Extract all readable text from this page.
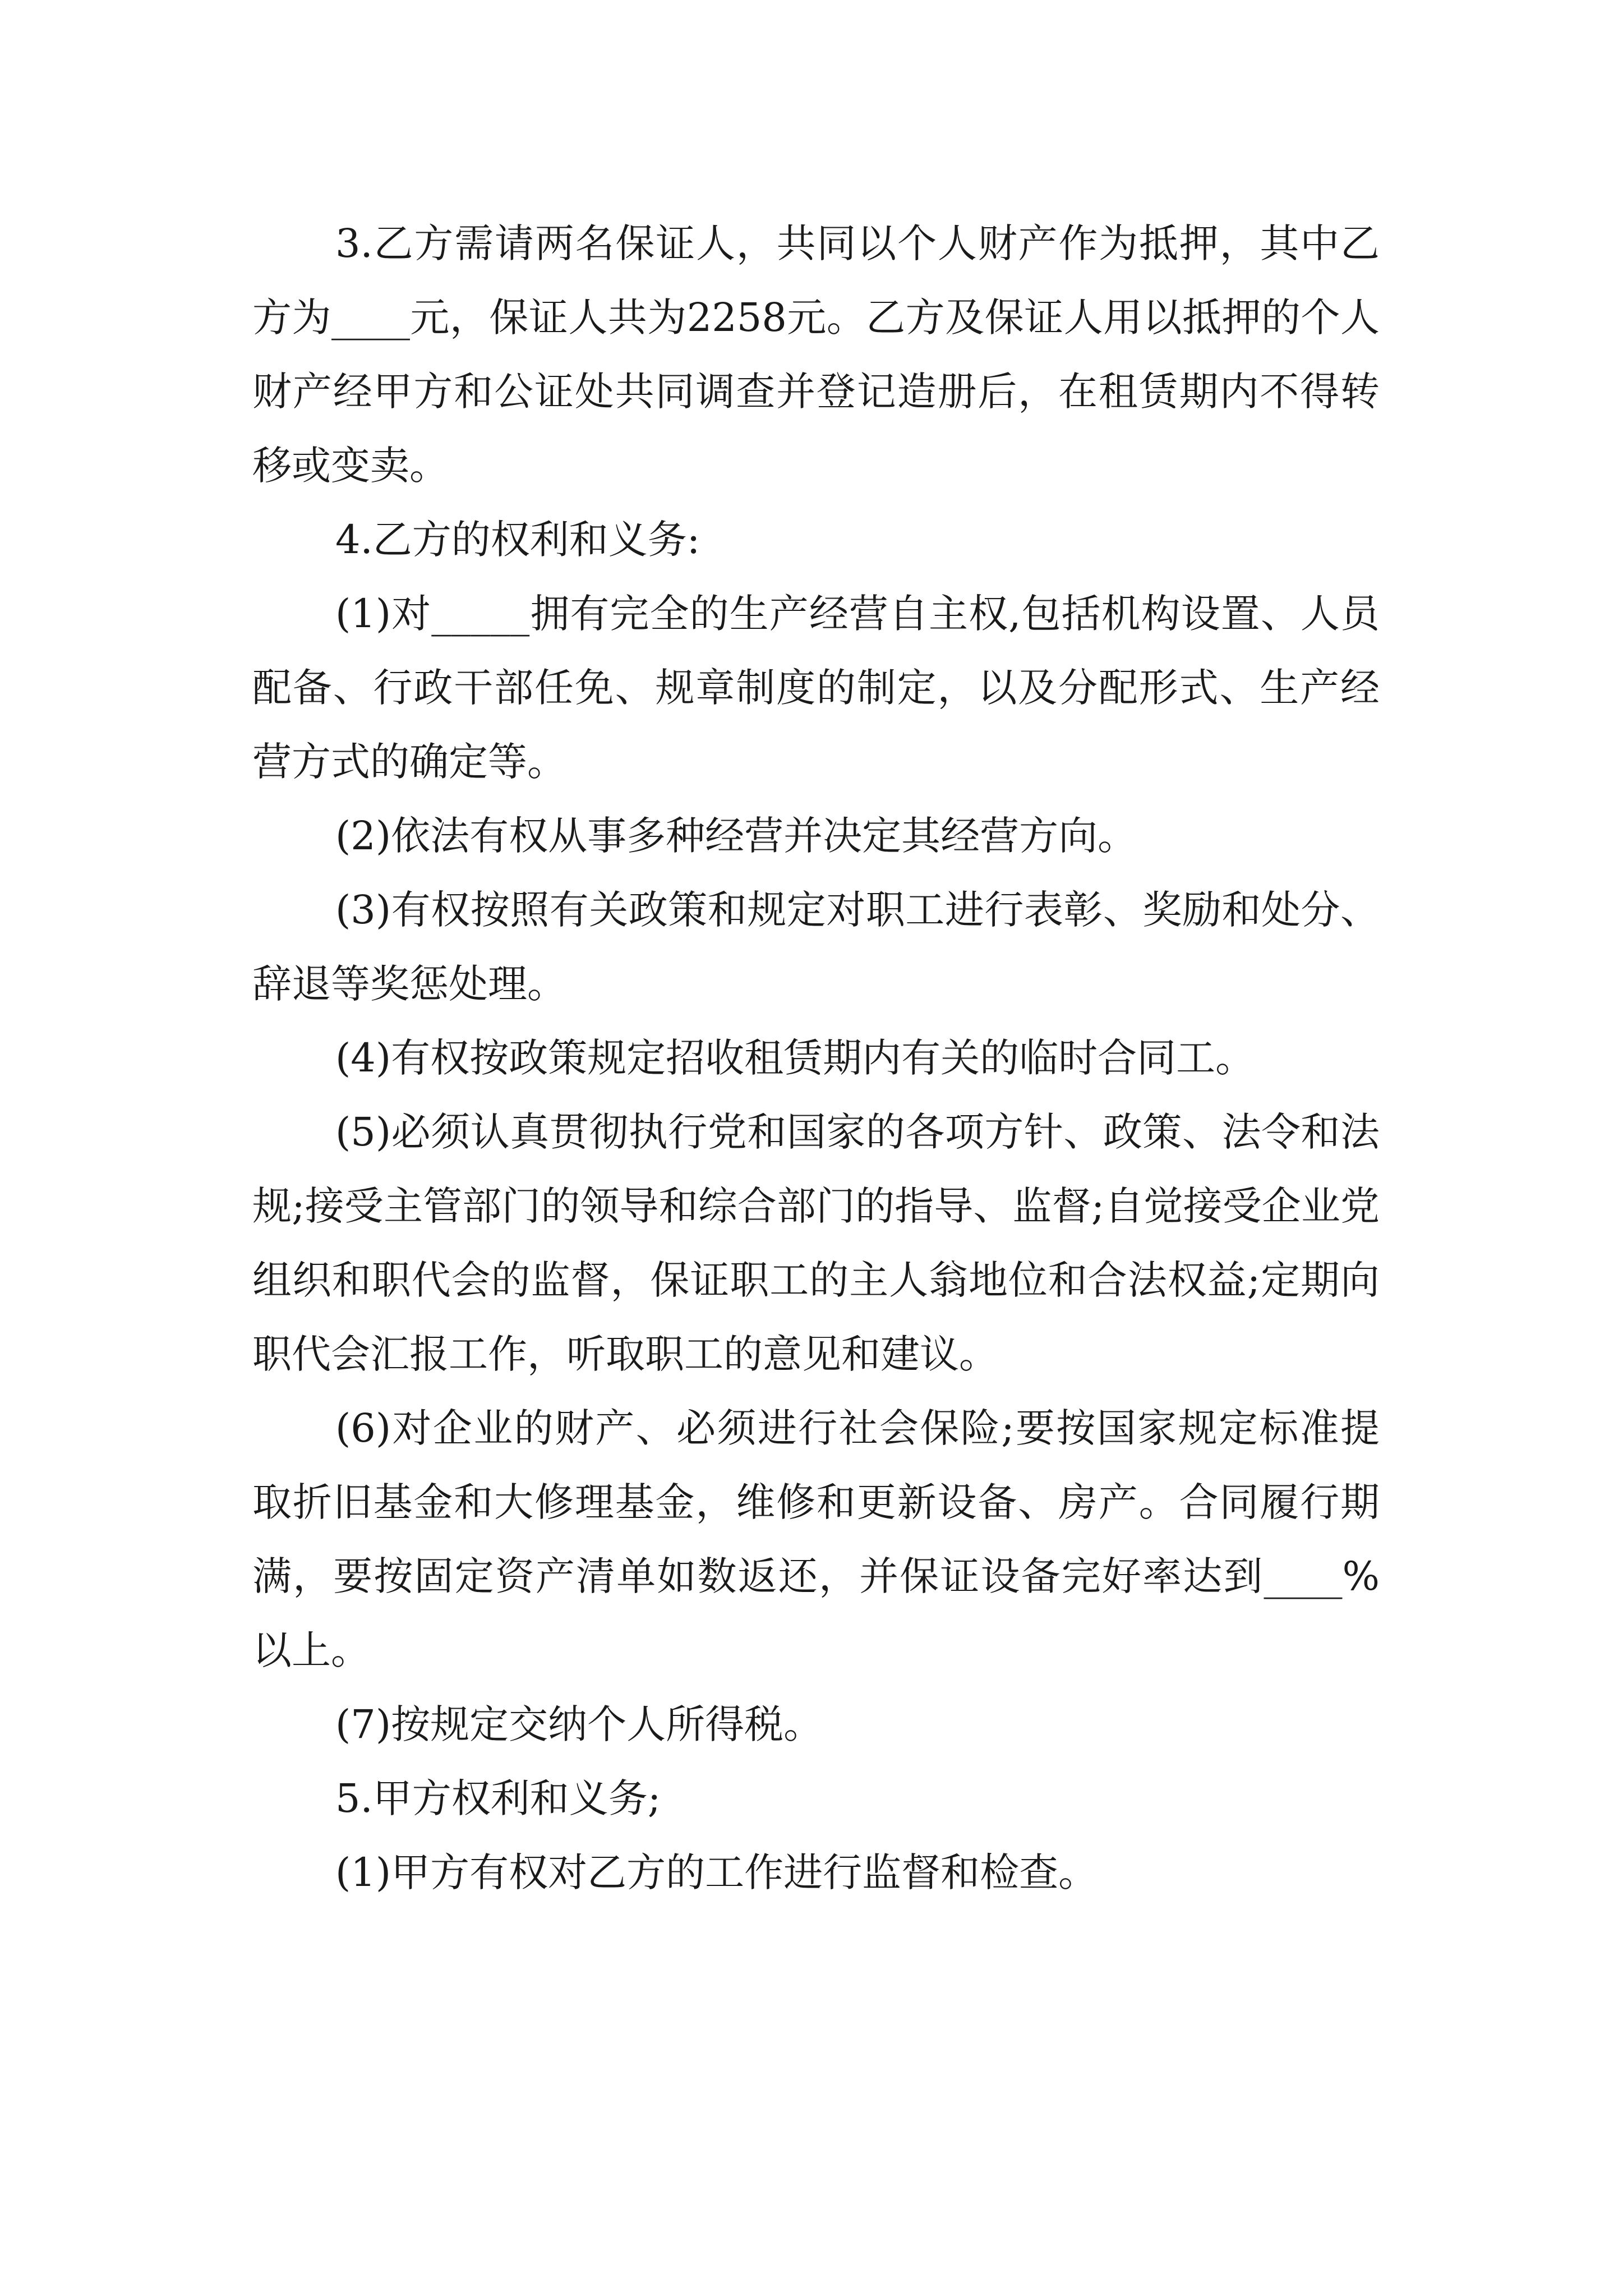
3.乙方需请两名保证人，共同以个人财产作为抵押，其中乙方为____元，保证人共为2258元。乙方及保证人用以抵押的个人财产经甲方和公证处共同调查并登记造册后，在租赁期内不得转移或变卖。

4.乙方的权利和义务:

(1)对_____拥有完全的生产经营自主权,包括机构设置、人员配备、行政干部任免、规章制度的制定，以及分配形式、生产经营方式的确定等。

(2)依法有权从事多种经营并决定其经营方向。

(3)有权按照有关政策和规定对职工进行表彰、奖励和处分、辞退等奖惩处理。

(4)有权按政策规定招收租赁期内有关的临时合同工。

(5)必须认真贯彻执行党和国家的各项方针、政策、法令和法规;接受主管部门的领导和综合部门的指导、监督;自觉接受企业党组织和职代会的监督，保证职工的主人翁地位和合法权益;定期向职代会汇报工作，听取职工的意见和建议。

(6)对企业的财产、必须进行社会保险;要按国家规定标准提取折旧基金和大修理基金，维修和更新设备、房产。合同履行期满，要按固定资产清单如数返还，并保证设备完好率达到____%以上。

(7)按规定交纳个人所得税。

5.甲方权利和义务;

(1)甲方有权对乙方的工作进行监督和检查。
